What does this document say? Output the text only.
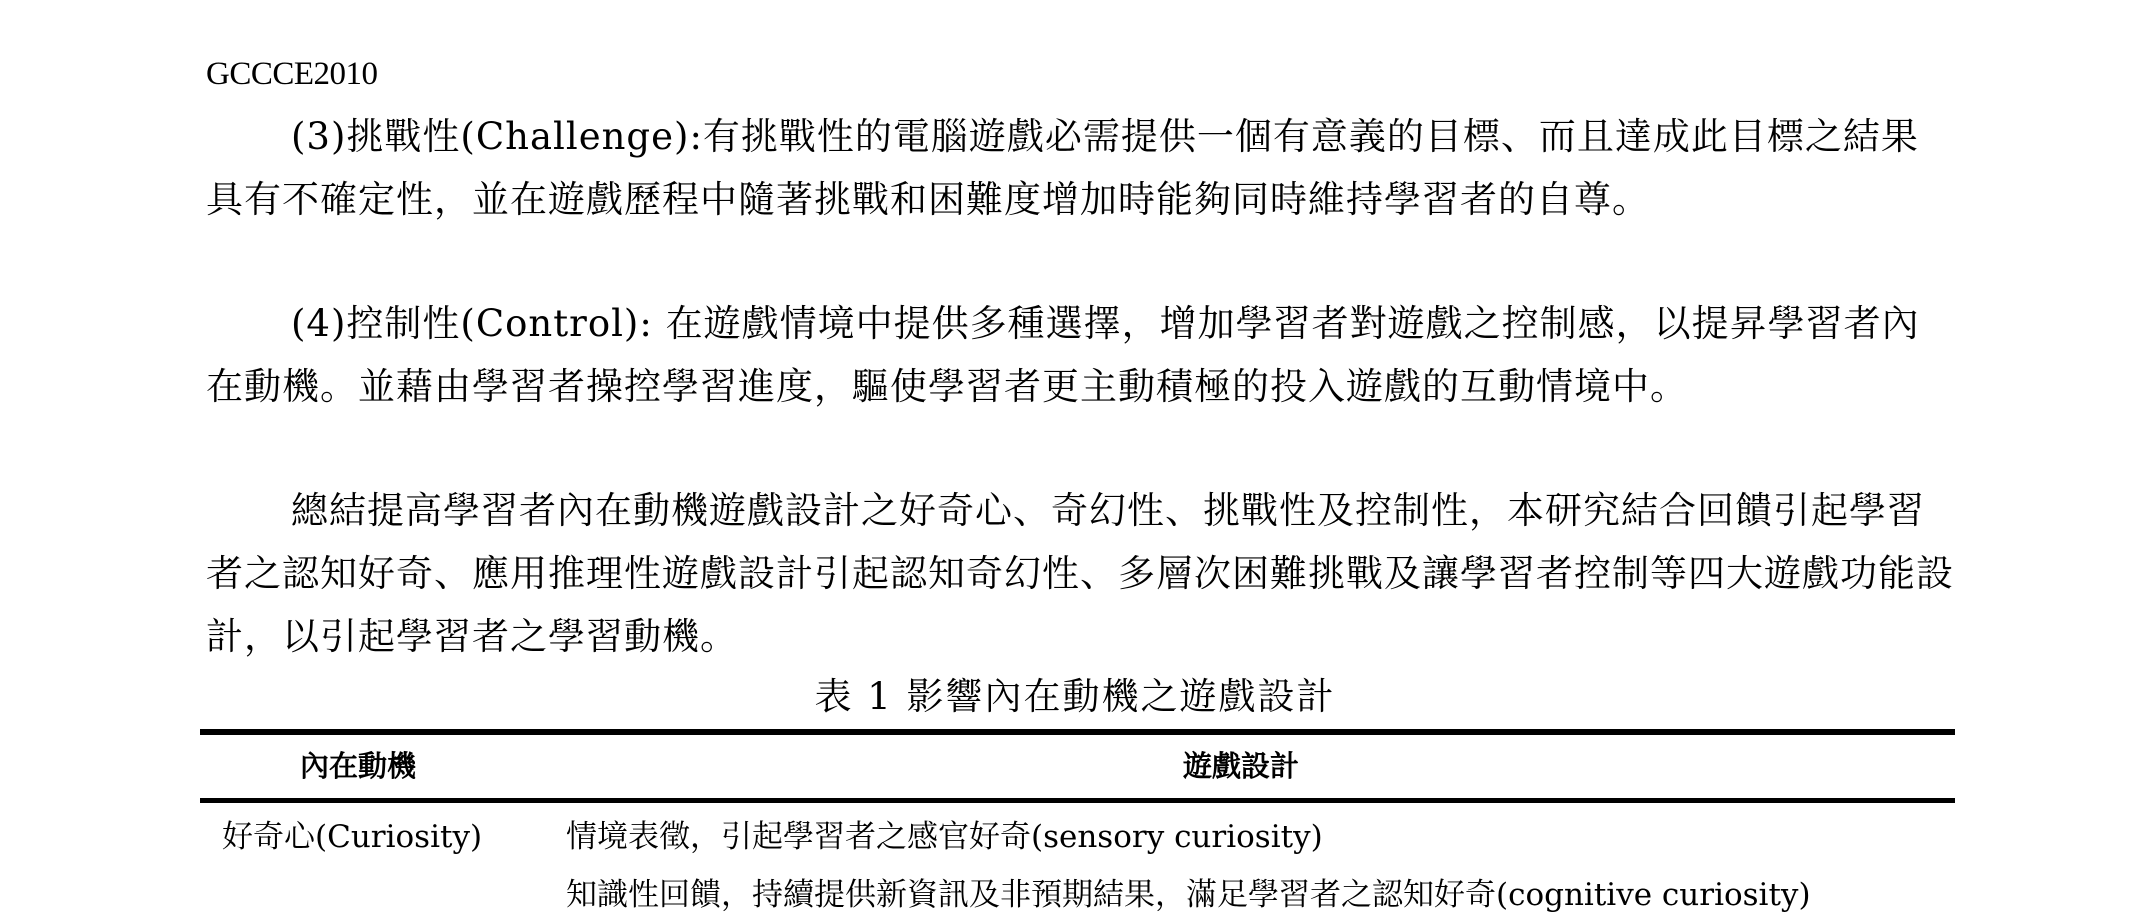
GCCCE2010

(3)挑戰性(Challenge):有挑戰性的電腦遊戲必需提供一個有意義的目標、而且達成此目標之結果具有不確定性，並在遊戲歷程中隨著挑戰和困難度增加時能夠同時維持學習者的自尊。

(4)控制性(Control): 在遊戲情境中提供多種選擇，增加學習者對遊戲之控制感，以提昇學習者內在動機。並藉由學習者操控學習進度，驅使學習者更主動積極的投入遊戲的互動情境中。

總結提高學習者內在動機遊戲設計之好奇心、奇幻性、挑戰性及控制性，本研究結合回饋引起學習者之認知好奇、應用推理性遊戲設計引起認知奇幻性、多層次困難挑戰及讓學習者控制等四大遊戲功能設計，以引起學習者之學習動機。

表 1 影響內在動機之遊戲設計
內在動機	遊戲設計
好奇心(Curiosity)	情境表徵，引起學習者之感官好奇(sensory curiosity)
知識性回饋，持續提供新資訊及非預期結果，滿足學習者之認知好奇(cognitive curiosity)
